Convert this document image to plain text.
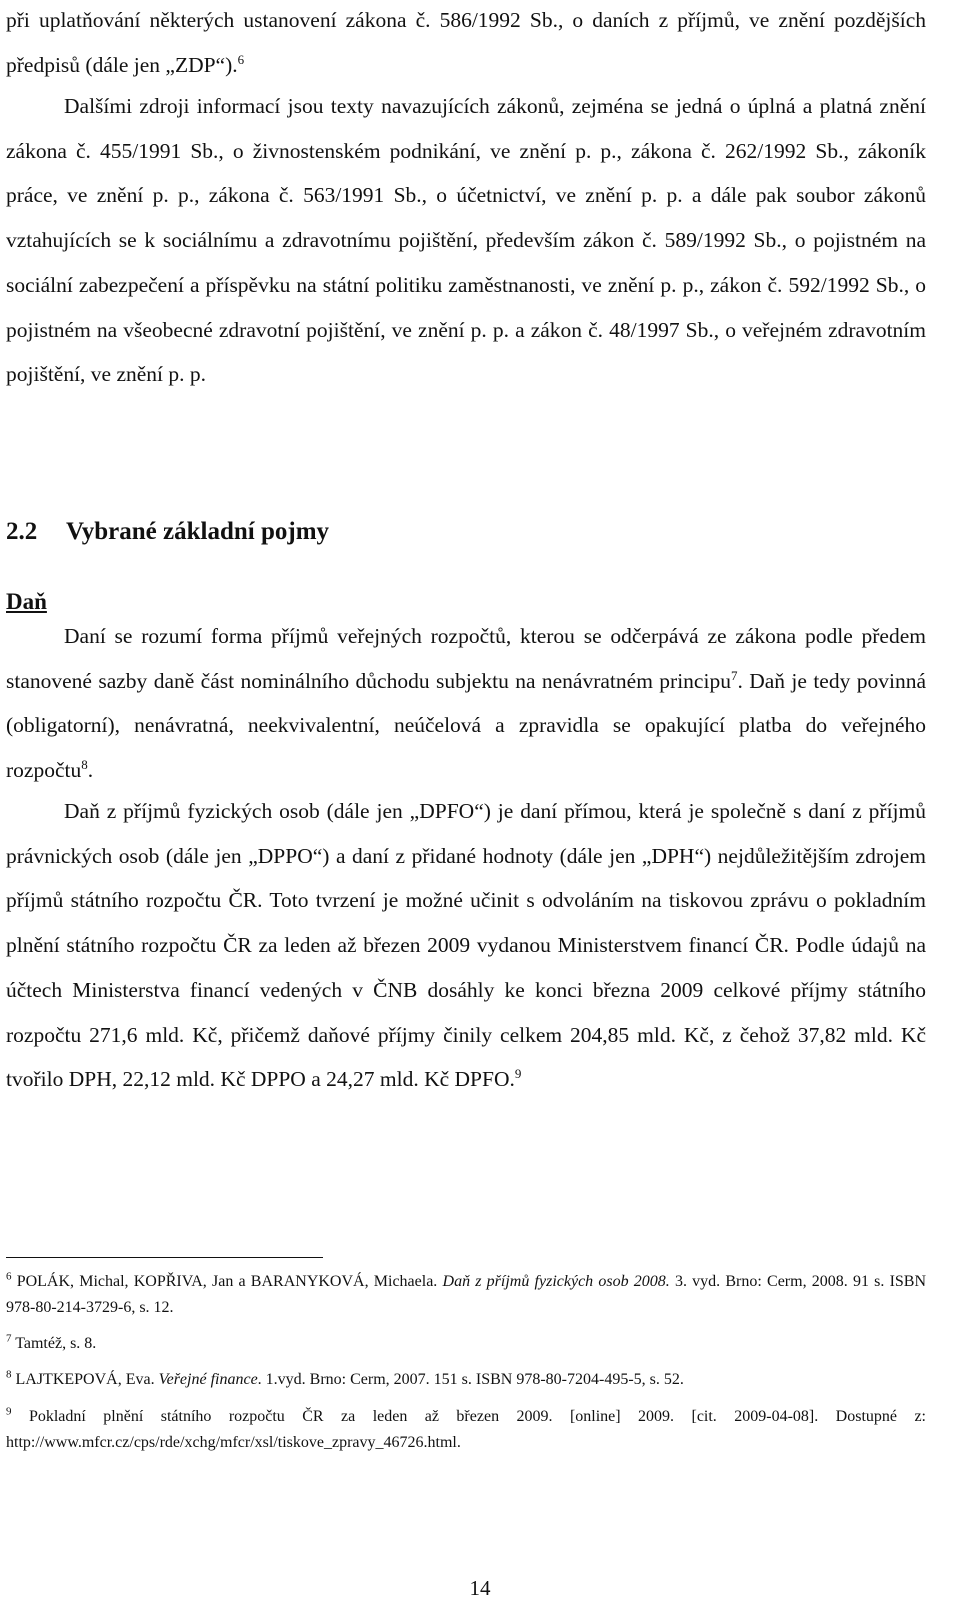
při uplatňování některých ustanovení zákona č. 586/1992 Sb., o daních z příjmů, ve znění pozdějších předpisů (dále jen „ZDP“).$^6$

Dalšími zdroji informací jsou texty navazujících zákonů, zejména se jedná o úplná a platná znění zákona č. 455/1991 Sb., o živnostenském podnikání, ve znění p. p., zákona č. 262/1992 Sb., zákoník práce, ve znění p. p., zákona č. 563/1991 Sb., o účetnictví, ve znění p. p. a dále pak soubor zákonů vztahujících se k sociálnímu a zdravotnímu pojištění, především zákon č. 589/1992 Sb., o pojistném na sociální zabezpečení a příspěvku na státní politiku zaměstnanosti, ve znění p. p., zákon č. 592/1992 Sb., o pojistném na všeobecné zdravotní pojištění, ve znění p. p. a zákon č. 48/1997 Sb., o veřejném zdravotním pojištění, ve znění p. p.

2.2 Vybrané základní pojmy
Daň

Daní se rozumí forma příjmů veřejných rozpočtů, kterou se odčerpává ze zákona podle předem stanovené sazby daně část nominálního důchodu subjektu na nenávratném principu$^7$. Daň je tedy povinná (obligatorní), nenávratná, neekvivalentní, neúčelová a zpravidla se opakující platba do veřejného rozpočtu$^8$.

Daň z příjmů fyzických osob (dále jen „DPFO“) je daní přímou, která je společně s daní z příjmů právnických osob (dále jen „DPPO“) a daní z přidané hodnoty (dále jen „DPH“) nejdůležitějším zdrojem příjmů státního rozpočtu ČR. Toto tvrzení je možné učinit s odvoláním na tiskovou zprávu o pokladním plnění státního rozpočtu ČR za leden až březen 2009 vydanou Ministerstvem financí ČR. Podle údajů na účtech Ministerstva financí vedených v ČNB dosáhly ke konci března 2009 celkové příjmy státního rozpočtu 271,6 mld. Kč, přičemž daňové příjmy činily celkem 204,85 mld. Kč, z čehož 37,82 mld. Kč tvořilo DPH, 22,12 mld. Kč DPPO a 24,27 mld. Kč DPFO.$^9$

$^6$ POLÁK, Michal, KOPŘIVA, Jan a BARANYKOVÁ, Michaela. Daň z příjmů fyzických osob 2008. 3. vyd. Brno: Cerm, 2008. 91 s. ISBN 978-80-214-3729-6, s. 12.

$^7$ Tamtéž, s. 8.

$^8$ LAJTKEPOVÁ, Eva. Veřejné finance. 1.vyd. Brno: Cerm, 2007. 151 s. ISBN 978-80-7204-495-5, s. 52.

$^9$ Pokladní plnění státního rozpočtu ČR za leden až březen 2009. [online] 2009. [cit. 2009-04-08]. Dostupné z: http://www.mfcr.cz/cps/rde/xchg/mfcr/xsl/tiskove_zpravy_46726.html.

14
